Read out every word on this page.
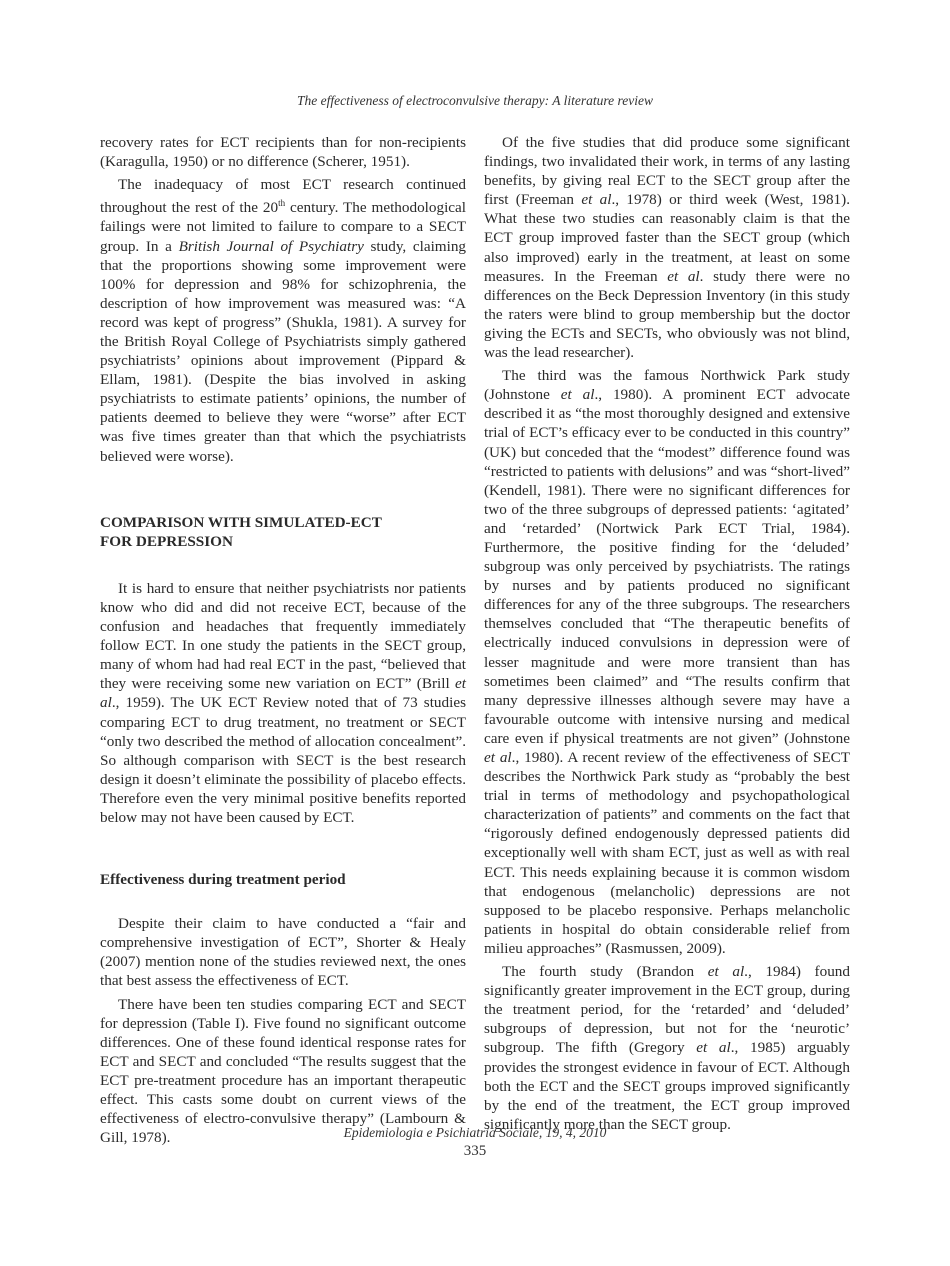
The effectiveness of electroconvulsive therapy: A literature review

recovery rates for ECT recipients than for non-recipients (Karagulla, 1950) or no difference (Scherer, 1951).

The inadequacy of most ECT research continued throughout the rest of the 20th century. The methodological failings were not limited to failure to compare to a SECT group. In a British Journal of Psychiatry study, claiming that the proportions showing some improvement were 100% for depression and 98% for schizophrenia, the description of how improvement was measured was: “A record was kept of progress” (Shukla, 1981). A survey for the British Royal College of Psychiatrists simply gathered psychiatrists’ opinions about improvement (Pippard & Ellam, 1981). (Despite the bias involved in asking psychiatrists to estimate patients’ opinions, the number of patients deemed to believe they were “worse” after ECT was five times greater than that which the psychiatrists believed were worse).

COMPARISON WITH SIMULATED-ECT
FOR DEPRESSION

It is hard to ensure that neither psychiatrists nor patients know who did and did not receive ECT, because of the confusion and headaches that frequently immediately follow ECT. In one study the patients in the SECT group, many of whom had had real ECT in the past, “believed that they were receiving some new variation on ECT” (Brill et al., 1959). The UK ECT Review noted that of 73 studies comparing ECT to drug treatment, no treatment or SECT “only two described the method of allocation concealment”. So although comparison with SECT is the best research design it doesn’t eliminate the possibility of placebo effects. Therefore even the very minimal positive benefits reported below may not have been caused by ECT.

Effectiveness during treatment period

Despite their claim to have conducted a “fair and comprehensive investigation of ECT”, Shorter & Healy (2007) mention none of the studies reviewed next, the ones that best assess the effectiveness of ECT.

There have been ten studies comparing ECT and SECT for depression (Table I). Five found no significant outcome differences. One of these found identical response rates for ECT and SECT and concluded “The results suggest that the ECT pre-treatment procedure has an important therapeutic effect. This casts some doubt on current views of the effectiveness of electro-convulsive therapy” (Lambourn & Gill, 1978).

Of the five studies that did produce some significant findings, two invalidated their work, in terms of any lasting benefits, by giving real ECT to the SECT group after the first (Freeman et al., 1978) or third week (West, 1981). What these two studies can reasonably claim is that the ECT group improved faster than the SECT group (which also improved) early in the treatment, at least on some measures. In the Freeman et al. study there were no differences on the Beck Depression Inventory (in this study the raters were blind to group membership but the doctor giving the ECTs and SECTs, who obviously was not blind, was the lead researcher).

The third was the famous Northwick Park study (Johnstone et al., 1980). A prominent ECT advocate described it as “the most thoroughly designed and extensive trial of ECT’s efficacy ever to be conducted in this country” (UK) but conceded that the “modest” difference found was “restricted to patients with delusions” and was “short-lived” (Kendell, 1981). There were no significant differences for two of the three subgroups of depressed patients: ‘agitated’ and ‘retarded’ (Nortwick Park ECT Trial, 1984). Furthermore, the positive finding for the ‘deluded’ subgroup was only perceived by psychiatrists. The ratings by nurses and by patients produced no significant differences for any of the three subgroups. The researchers themselves concluded that “The therapeutic benefits of electrically induced convulsions in depression were of lesser magnitude and were more transient than has sometimes been claimed” and “The results confirm that many depressive illnesses although severe may have a favourable outcome with intensive nursing and medical care even if physical treatments are not given” (Johnstone et al., 1980). A recent review of the effectiveness of SECT describes the Northwick Park study as “probably the best trial in terms of methodology and psychopathological characterization of patients” and comments on the fact that “rigorously defined endogenously depressed patients did exceptionally well with sham ECT, just as well as with real ECT. This needs explaining because it is common wisdom that endogenous (melancholic) depressions are not supposed to be placebo responsive. Perhaps melancholic patients in hospital do obtain considerable relief from milieu approaches” (Rasmussen, 2009).

The fourth study (Brandon et al., 1984) found significantly greater improvement in the ECT group, during the treatment period, for the ‘retarded’ and ‘deluded’ subgroups of depression, but not for the ‘neurotic’ subgroup. The fifth (Gregory et al., 1985) arguably provides the strongest evidence in favour of ECT. Although both the ECT and the SECT groups improved significantly by the end of the treatment, the ECT group improved significantly more than the SECT group.

Epidemiologia e Psichiatria Sociale, 19, 4, 2010
335
